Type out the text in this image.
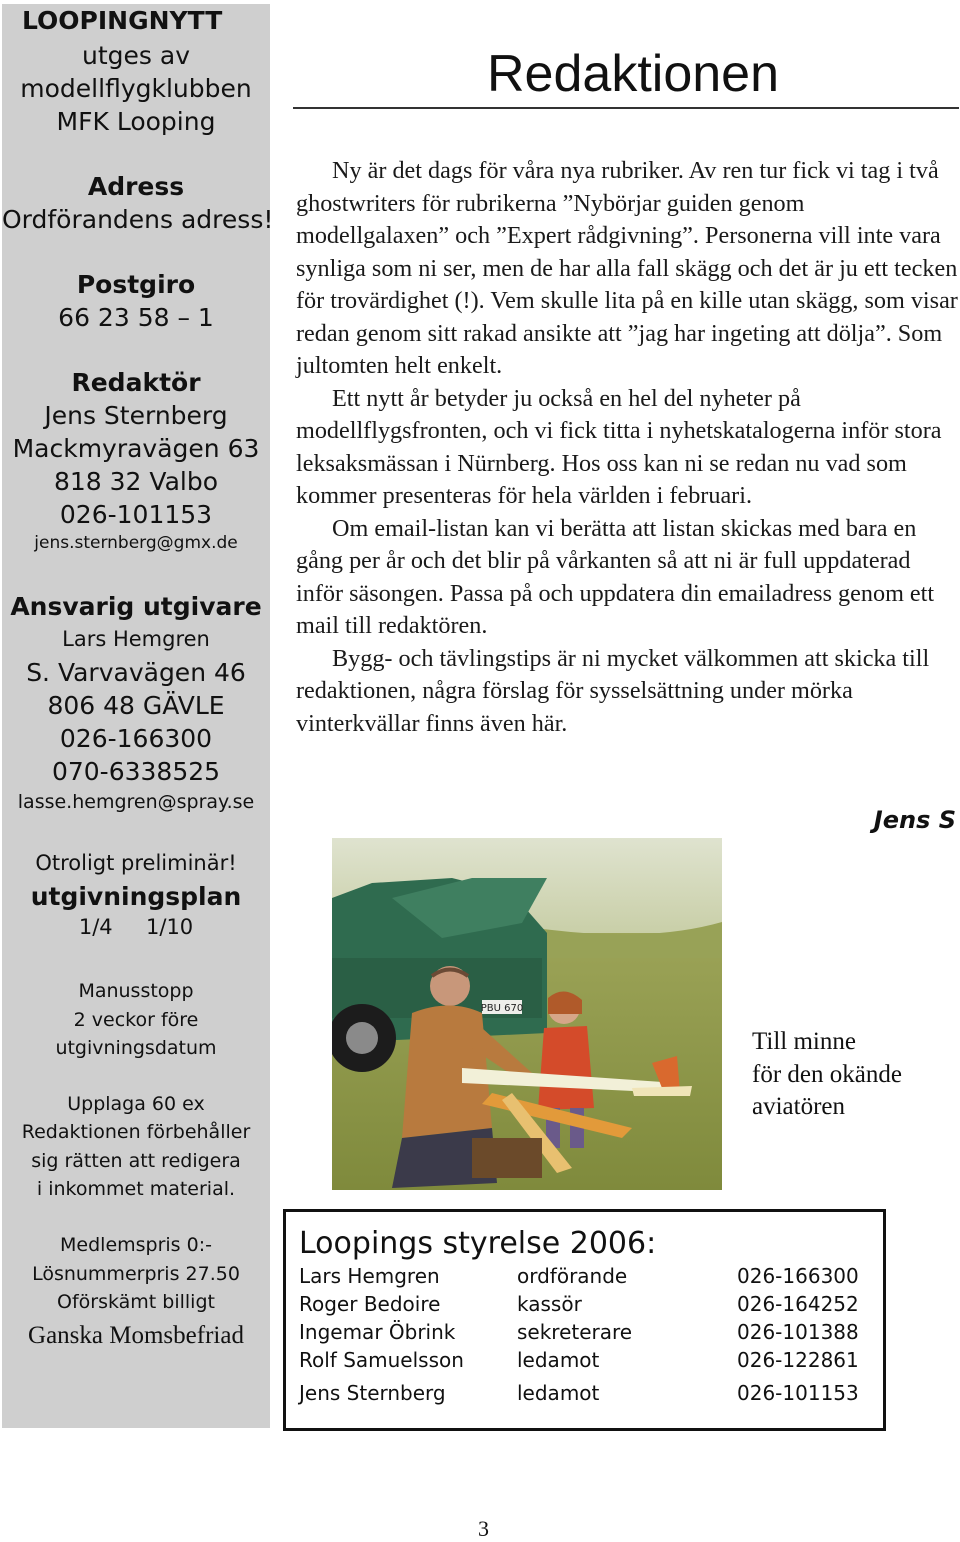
LOOPINGNYTT
utges av
modellflygklubben
MFK Looping
Adress
Ordförandens adress!
Postgiro
66 23 58 – 1
Redaktör
Jens Sternberg
Mackmyravägen 63
818 32 Valbo
026-101153
jens.sternberg@gmx.de
Ansvarig utgivare
Lars Hemgren
S. Varvavägen 46
806 48 GÄVLE
026-166300
070-6338525
lasse.hemgren@spray.se
Otroligt preliminär!
utgivningsplan
1/4     1/10
Manusstopp
2 veckor före
utgivningsdatum
Upplaga 60 ex
Redaktionen förbehåller
sig rätten att redigera
i inkommet material.
Medlemspris 0:-
Lösnummerpris 27.50
Oförskämt billigt
Ganska Momsbefriad
Redaktionen

Ny är det dags för våra nya rubriker. Av ren tur fick vi tag i två ghostwriters för rubrikerna ”Nybörjar guiden genom modellgalaxen” och ”Expert rådgivning”. Personerna vill inte vara synliga som ni ser, men de har alla fall skägg och det är ju ett tecken för trovärdighet (!). Vem skulle lita på en kille utan skägg, som visar redan genom sitt rakad ansikte att ”jag har ingeting att dölja”. Som jultomten helt enkelt.

Ett nytt år betyder ju också en hel del nyheter på modellflygsfronten, och vi fick titta i nyhetskatalogerna inför stora leksaksmässan i Nürnberg. Hos oss kan ni se redan nu vad som kommer presenteras för hela världen i februari.

Om email-listan kan vi berätta att listan skickas med bara en gång per år och det blir på vårkanten så att ni är full uppdaterad inför säsongen. Passa på och uppdatera din emailadress genom ett mail till redaktören.

Bygg- och tävlingstips är ni mycket välkommen att skicka till redaktionen, några förslag för sysselsättning under mörka vinterkvällar finns även här.

Jens S
PBU 670
Till minne
för den okände
aviatören
Loopings styrelse 2006:
Lars Hemgren	ordförande	026-166300
Roger Bedoire	kassör	026-164252
Ingemar Öbrink	sekreterare	026-101388
Rolf Samuelsson	ledamot	026-122861
Jens Sternberg	ledamot	026-101153
3
